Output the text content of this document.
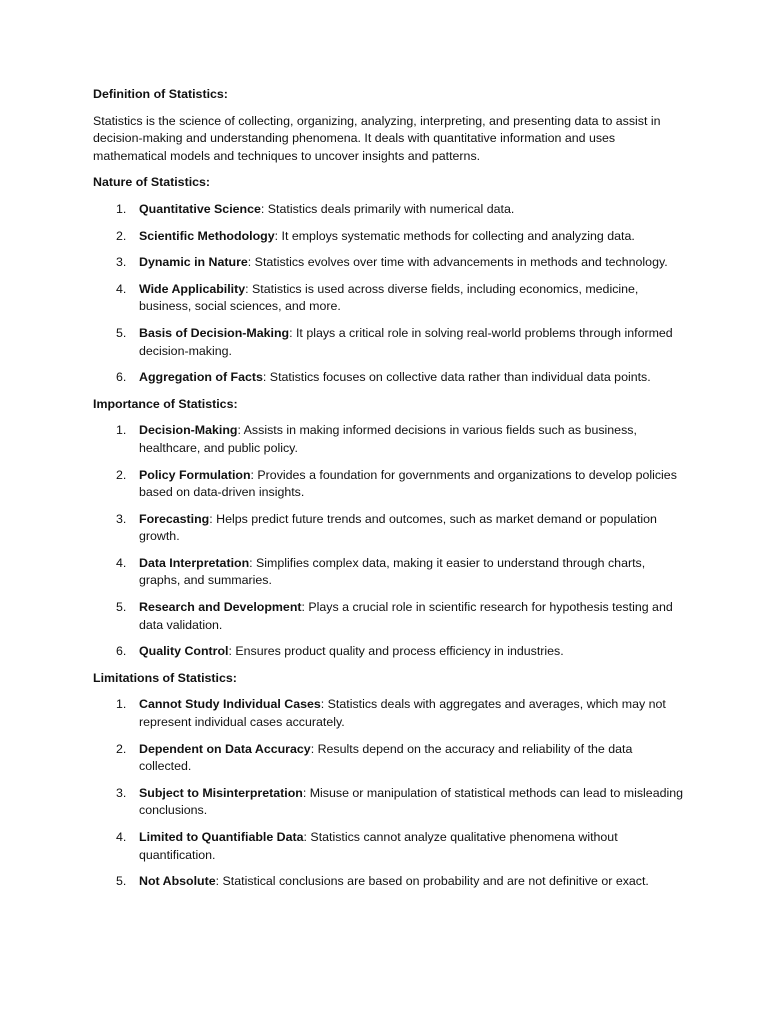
Definition of Statistics:
Statistics is the science of collecting, organizing, analyzing, interpreting, and presenting data to assist in decision-making and understanding phenomena. It deals with quantitative information and uses mathematical models and techniques to uncover insights and patterns.
Nature of Statistics:
1. Quantitative Science: Statistics deals primarily with numerical data.
2. Scientific Methodology: It employs systematic methods for collecting and analyzing data.
3. Dynamic in Nature: Statistics evolves over time with advancements in methods and technology.
4. Wide Applicability: Statistics is used across diverse fields, including economics, medicine, business, social sciences, and more.
5. Basis of Decision-Making: It plays a critical role in solving real-world problems through informed decision-making.
6. Aggregation of Facts: Statistics focuses on collective data rather than individual data points.
Importance of Statistics:
1. Decision-Making: Assists in making informed decisions in various fields such as business, healthcare, and public policy.
2. Policy Formulation: Provides a foundation for governments and organizations to develop policies based on data-driven insights.
3. Forecasting: Helps predict future trends and outcomes, such as market demand or population growth.
4. Data Interpretation: Simplifies complex data, making it easier to understand through charts, graphs, and summaries.
5. Research and Development: Plays a crucial role in scientific research for hypothesis testing and data validation.
6. Quality Control: Ensures product quality and process efficiency in industries.
Limitations of Statistics:
1. Cannot Study Individual Cases: Statistics deals with aggregates and averages, which may not represent individual cases accurately.
2. Dependent on Data Accuracy: Results depend on the accuracy and reliability of the data collected.
3. Subject to Misinterpretation: Misuse or manipulation of statistical methods can lead to misleading conclusions.
4. Limited to Quantifiable Data: Statistics cannot analyze qualitative phenomena without quantification.
5. Not Absolute: Statistical conclusions are based on probability and are not definitive or exact.
